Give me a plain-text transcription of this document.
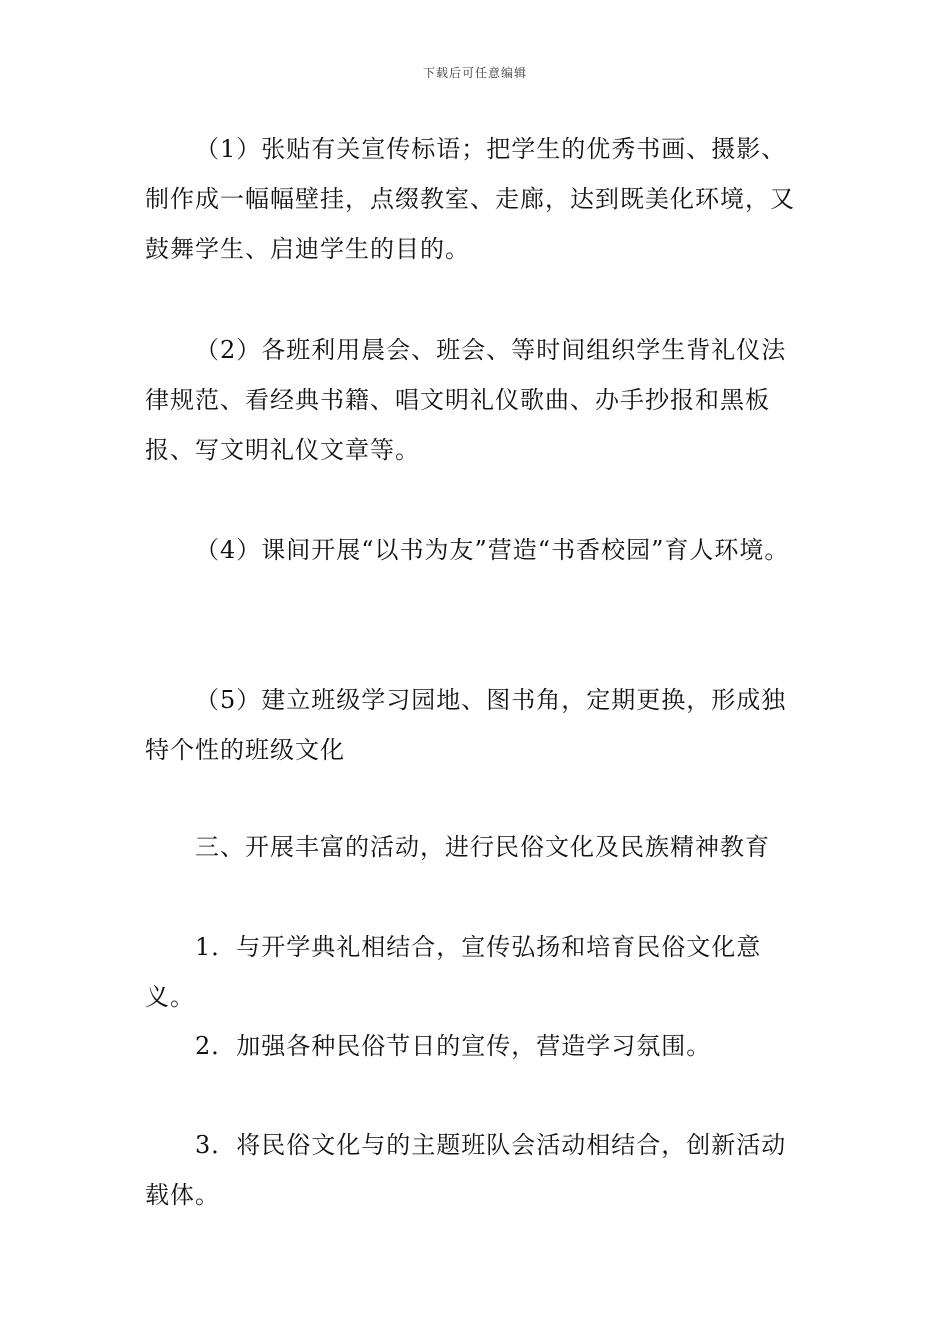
下载后可任意编辑

（1）张贴有关宣传标语；把学生的优秀书画、摄影、制作成一幅幅壁挂，点缀教室、走廊，达到既美化环境，又鼓舞学生、启迪学生的目的。

（2）各班利用晨会、班会、等时间组织学生背礼仪法律规范、看经典书籍、唱文明礼仪歌曲、办手抄报和黑板报、写文明礼仪文章等。

（4）课间开展“以书为友”营造“书香校园”育人环境。

（5）建立班级学习园地、图书角，定期更换，形成独特个性的班级文化

三、开展丰富的活动，进行民俗文化及民族精神教育

1．与开学典礼相结合，宣传弘扬和培育民俗文化意义。

2．加强各种民俗节日的宣传，营造学习氛围。

3．将民俗文化与的主题班队会活动相结合，创新活动载体。
